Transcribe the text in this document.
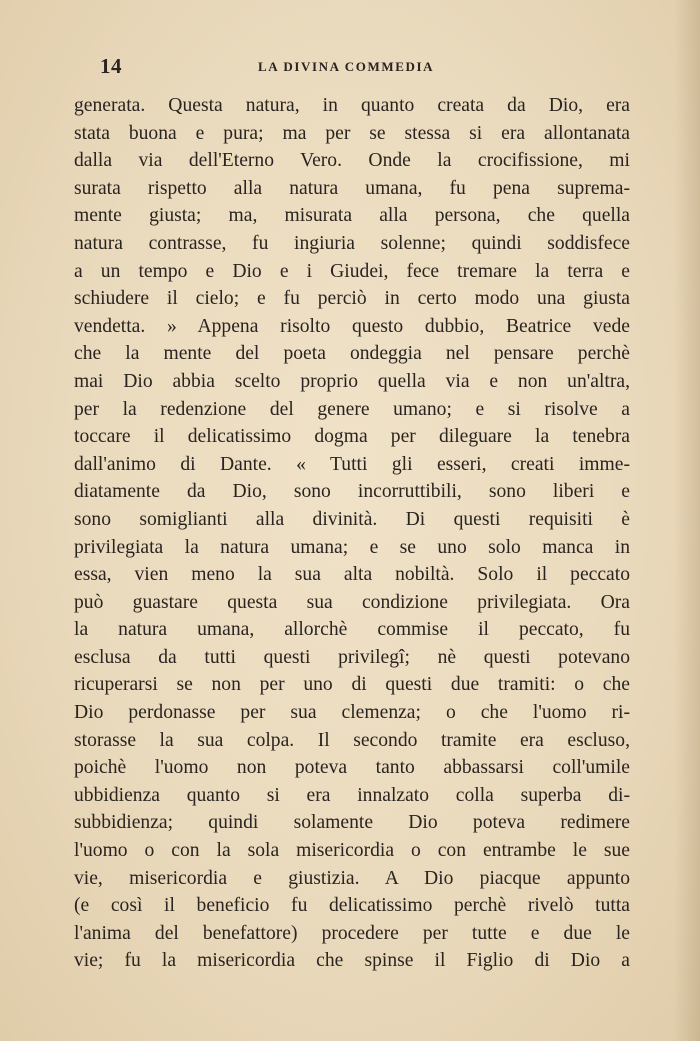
14	LA DIVINA COMMEDIA
generata. Questa natura, in quanto creata da Dio, era
stata buona e pura; ma per se stessa si era allontanata
dalla via dell'Eterno Vero. Onde la crocifissione, mi
surata rispetto alla natura umana, fu pena suprema-
mente giusta; ma, misurata alla persona, che quella
natura contrasse, fu ingiuria solenne; quindi soddisfece
a un tempo e Dio e i Giudei, fece tremare la terra e
schiudere il cielo; e fu perciò in certo modo una giusta
vendetta. » Appena risolto questo dubbio, Beatrice vede
che la mente del poeta ondeggia nel pensare perchè
mai Dio abbia scelto proprio quella via e non un'altra,
per la redenzione del genere umano; e si risolve a
toccare il delicatissimo dogma per dileguare la tenebra
dall'animo di Dante. « Tutti gli esseri, creati imme-
diatamente da Dio, sono incorruttibili, sono liberi e
sono somiglianti alla divinità. Di questi requisiti è
privilegiata la natura umana; e se uno solo manca in
essa, vien meno la sua alta nobiltà. Solo il peccato
può guastare questa sua condizione privilegiata. Ora
la natura umana, allorchè commise il peccato, fu
esclusa da tutti questi privilegî; nè questi potevano
ricuperarsi se non per uno di questi due tramiti: o che
Dio perdonasse per sua clemenza; o che l'uomo ri-
storasse la sua colpa. Il secondo tramite era escluso,
poichè l'uomo non poteva tanto abbassarsi coll'umile
ubbidienza quanto si era innalzato colla superba di-
subbidienza; quindi solamente Dio poteva redimere
l'uomo o con la sola misericordia o con entrambe le sue
vie, misericordia e giustizia. A Dio piacque appunto
(e così il beneficio fu delicatissimo perchè rivelò tutta
l'anima del benefattore) procedere per tutte e due le
vie; fu la misericordia che spinse il Figlio di Dio a
